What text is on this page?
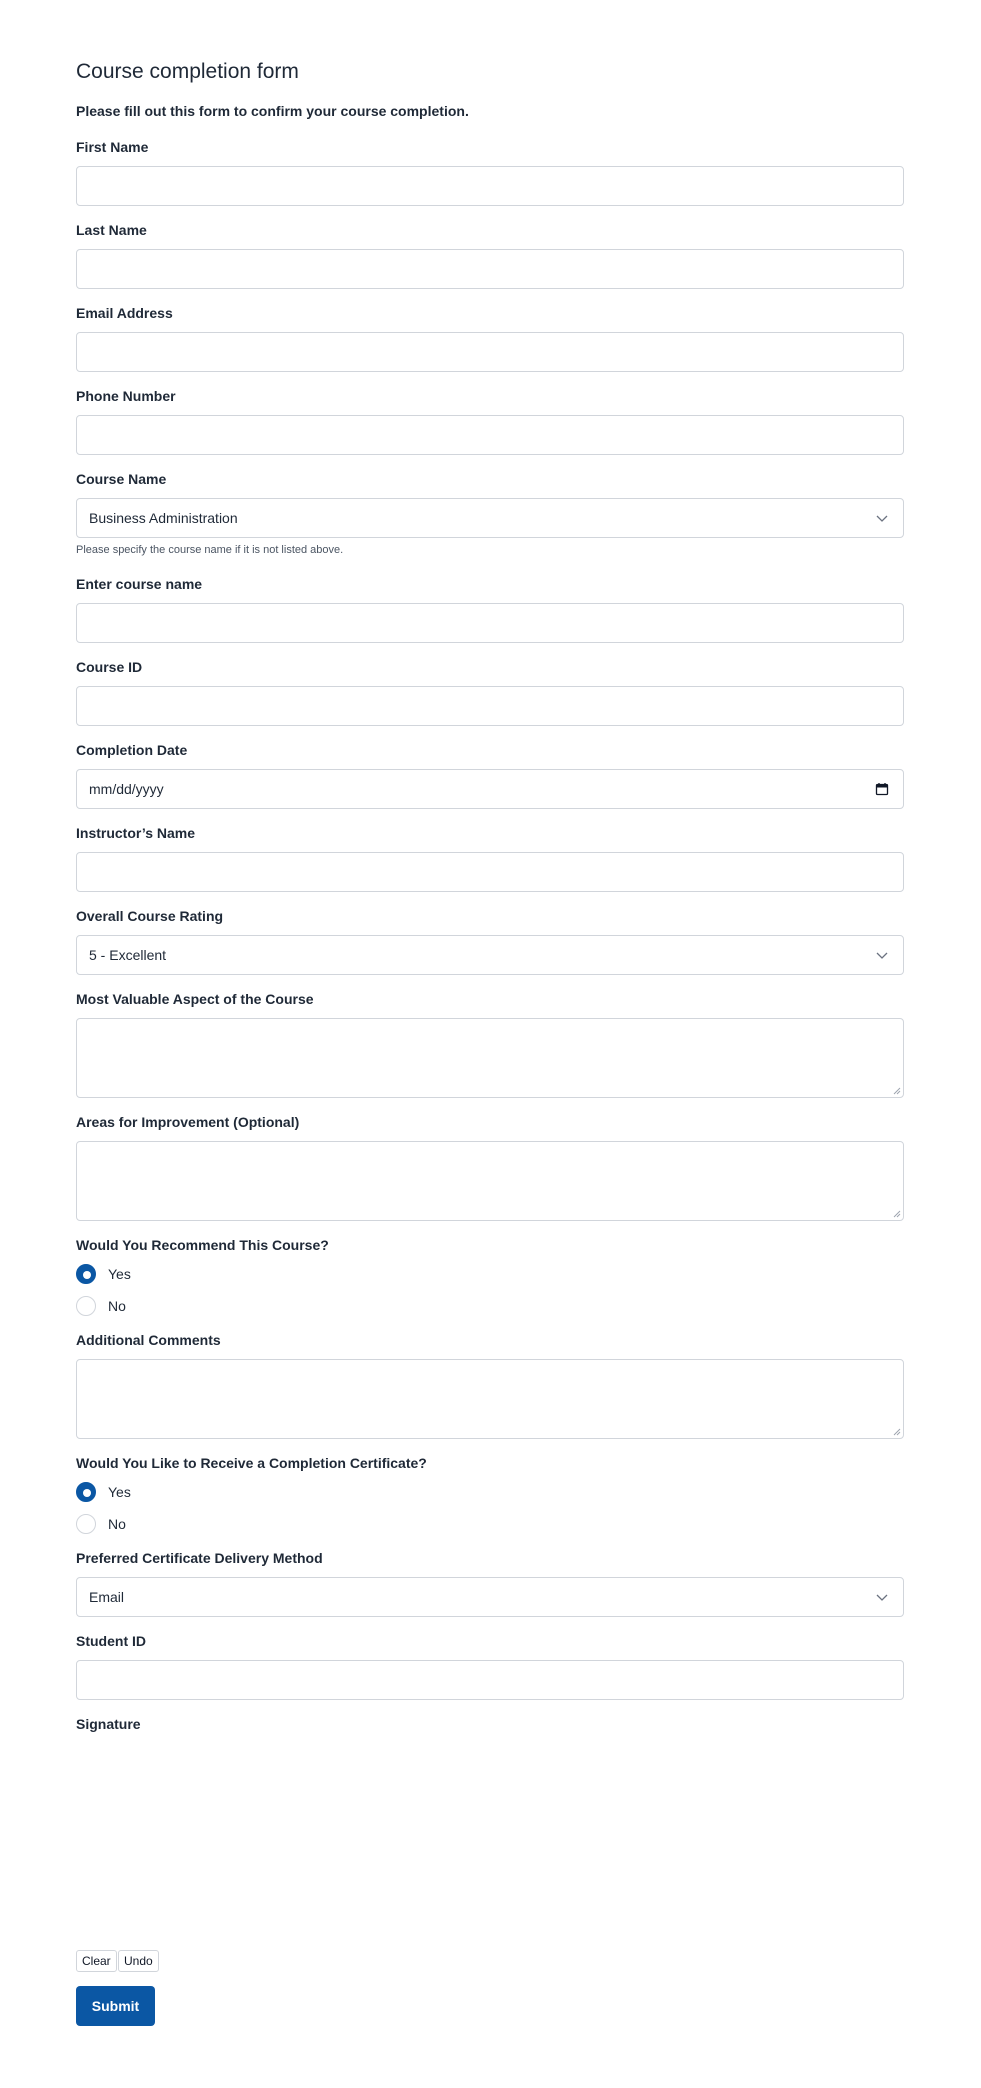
Course completion form
Please fill out this form to confirm your course completion.
First Name
Last Name
Email Address
Phone Number
Course Name
Business Administration
Please specify the course name if it is not listed above.
Enter course name
Course ID
Completion Date
mm/dd/yyyy
Instructor’s Name
Overall Course Rating
5 - Excellent
Most Valuable Aspect of the Course
Areas for Improvement (Optional)
Would You Recommend This Course?
Yes
No
Additional Comments
Would You Like to Receive a Completion Certificate?
Yes
No
Preferred Certificate Delivery Method
Email
Student ID
Signature
Clear	Undo
Submit
